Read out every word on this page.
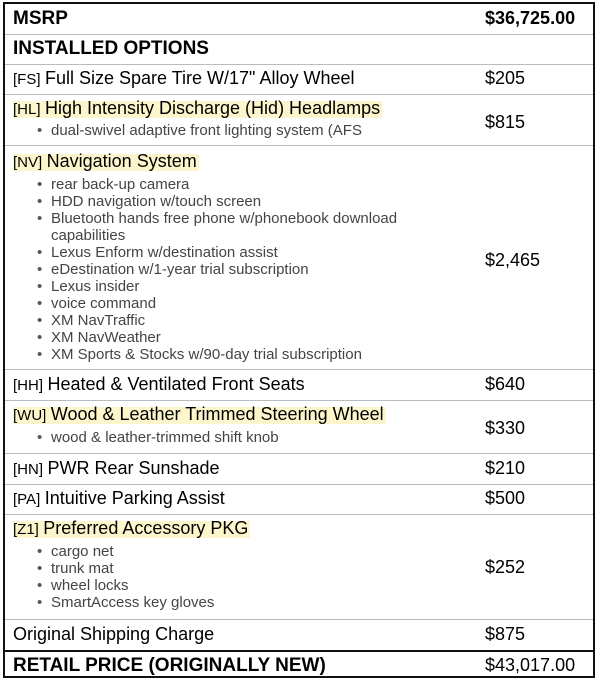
MSRP	$36,725.00
INSTALLED OPTIONS
[FS] Full Size Spare Tire W/17" Alloy Wheel	$205
[HL] High Intensity Discharge (Hid) Headlamps
• dual-swivel adaptive front lighting system (AFS	$815
[NV] Navigation System
• rear back-up camera
• HDD navigation w/touch screen
• Bluetooth hands free phone w/phonebook download capabilities
• Lexus Enform w/destination assist
• eDestination w/1-year trial subscription
• Lexus insider
• voice command
• XM NavTraffic
• XM NavWeather
• XM Sports & Stocks w/90-day trial subscription
$2,465
[HH] Heated & Ventilated Front Seats	$640
[WU] Wood & Leather Trimmed Steering Wheel
• wood & leather-trimmed shift knob	$330
[HN] PWR Rear Sunshade	$210
[PA] Intuitive Parking Assist	$500
[Z1] Preferred Accessory PKG
• cargo net
• trunk mat
• wheel locks
• SmartAccess key gloves
$252
Original Shipping Charge	$875
RETAIL PRICE (ORIGINALLY NEW)	$43,017.00
